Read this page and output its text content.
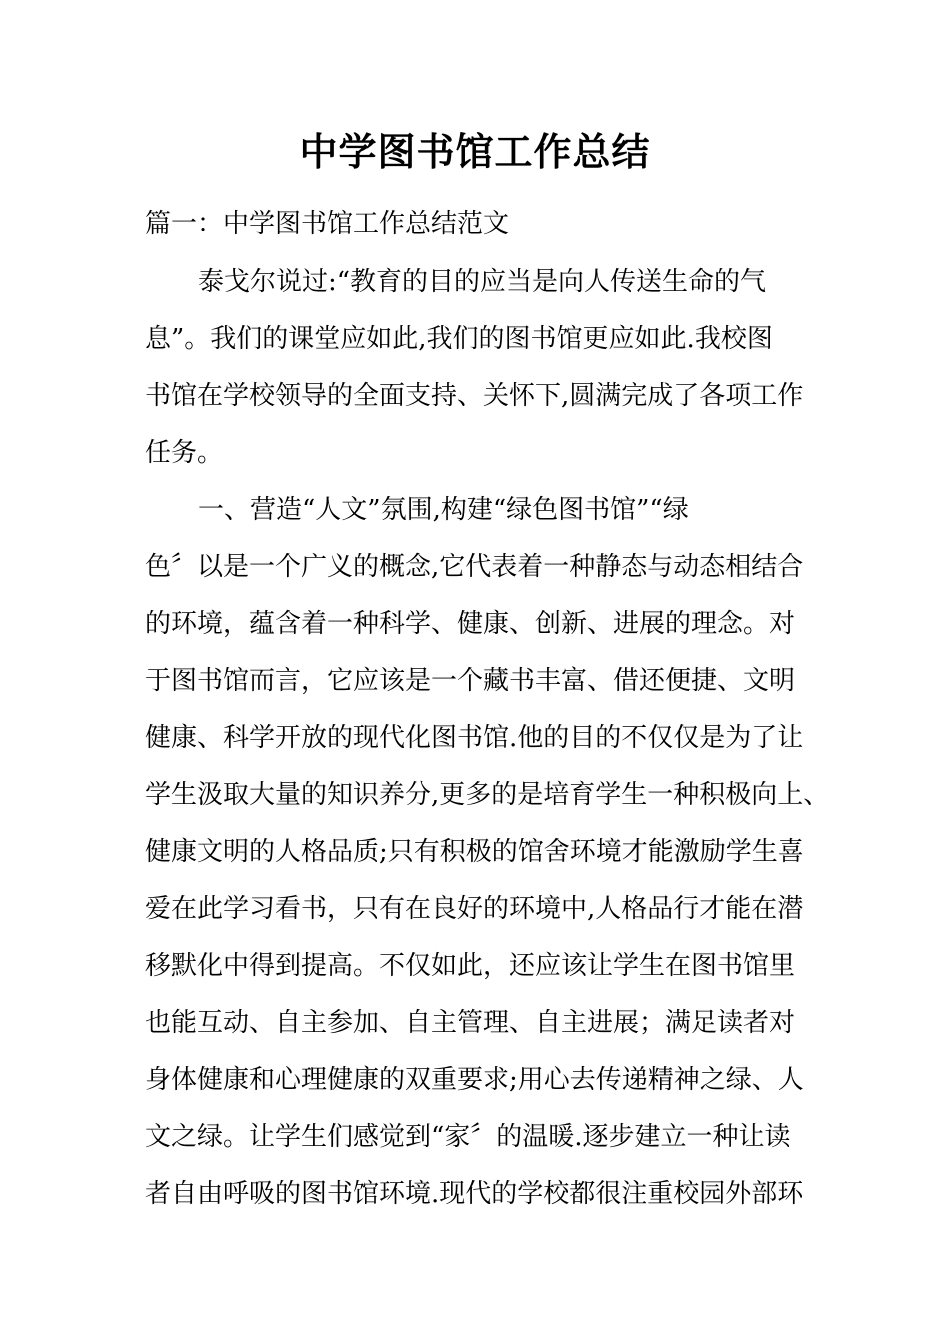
中学图书馆工作总结

篇一：中学图书馆工作总结范文

泰戈尔说过:“教育的目的应当是向人传送生命的气

息”。我们的课堂应如此,我们的图书馆更应如此.我校图

书馆在学校领导的全面支持、关怀下,圆满完成了各项工作

任务。

一、营造“人文”氛围,构建“绿色图书馆”“绿

色〞以是一个广义的概念,它代表着一种静态与动态相结合

的环境，蕴含着一种科学、健康、创新、进展的理念。对

于图书馆而言，它应该是一个藏书丰富、借还便捷、文明

健康、科学开放的现代化图书馆.他的目的不仅仅是为了让

学生汲取大量的知识养分,更多的是培育学生一种积极向上、

健康文明的人格品质;只有积极的馆舍环境才能激励学生喜

爱在此学习看书，只有在良好的环境中,人格品行才能在潜

移默化中得到提高。不仅如此，还应该让学生在图书馆里

也能互动、自主参加、自主管理、自主进展；满足读者对

身体健康和心理健康的双重要求;用心去传递精神之绿、人

文之绿。让学生们感觉到“家〞的温暖.逐步建立一种让读

者自由呼吸的图书馆环境.现代的学校都很注重校园外部环
